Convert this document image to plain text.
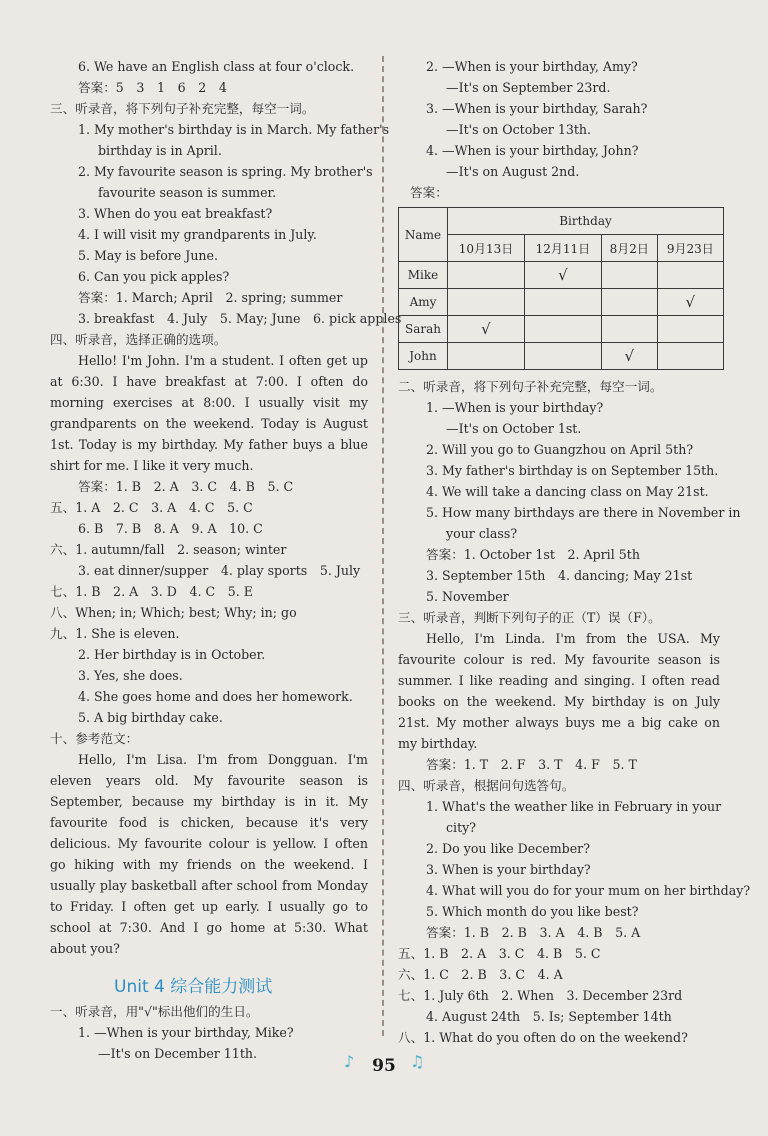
6. We have an English class at four o'clock.
答案：5　3　1　6　2　4
三、听录音，将下列句子补充完整，每空一词。
1. My mother's birthday is in March. My father's
birthday is in April.
2. My favourite season is spring. My brother's
favourite season is summer.
3. When do you eat breakfast?
4. I will visit my grandparents in July.
5. May is before June.
6. Can you pick apples?
答案：1. March; April　2. spring; summer
3. breakfast　4. July　5. May; June　6. pick apples
四、听录音，选择正确的选项。
Hello! I'm John. I'm a student. I often get up at 6:30. I have breakfast at 7:00. I often do morning exercises at 8:00. I usually visit my grandparents on the weekend. Today is August 1st. Today is my birthday. My father buys a blue shirt for me. I like it very much.
答案：1. B　2. A　3. C　4. B　5. C
五、1. A　2. C　3. A　4. C　5. C
6. B　7. B　8. A　9. A　10. C
六、1. autumn/fall　2. season; winter
3. eat dinner/supper　4. play sports　5. July
七、1. B　2. A　3. D　4. C　5. E
八、When; in; Which; best; Why; in; go
九、1. She is eleven.
2. Her birthday is in October.
3. Yes, she does.
4. She goes home and does her homework.
5. A big birthday cake.
十、参考范文：
Hello, I'm Lisa. I'm from Dongguan. I'm eleven years old. My favourite season is September, because my birthday is in it. My favourite food is chicken, because it's very delicious. My favourite colour is yellow. I often go hiking with my friends on the weekend. I usually play basketball after school from Monday to Friday. I often get up early. I usually go to school at 7:30. And I go home at 5:30. What about you?
Unit 4 综合能力测试
一、听录音，用"√"标出他们的生日。
1. —When is your birthday, Mike?
—It's on December 11th.
2. —When is your birthday, Amy?
—It's on September 23rd.
3. —When is your birthday, Sarah?
—It's on October 13th.
4. —When is your birthday, John?
—It's on August 2nd.
答案：
Name	Birthday			
	10月13日	12月11日	8月2日	9月23日
Mike		√		
Amy				√
Sarah	√			
John			√	
二、听录音，将下列句子补充完整，每空一词。
1. —When is your birthday?
—It's on October 1st.
2. Will you go to Guangzhou on April 5th?
3. My father's birthday is on September 15th.
4. We will take a dancing class on May 21st.
5. How many birthdays are there in November in
your class?
答案：1. October 1st　2. April 5th
3. September 15th　4. dancing; May 21st
5. November
三、听录音，判断下列句子的正（T）误（F）。
Hello, I'm Linda. I'm from the USA. My favourite colour is red. My favourite season is summer. I like reading and singing. I often read books on the weekend. My birthday is on July 21st. My mother always buys me a big cake on my birthday.
答案：1. T　2. F　3. T　4. F　5. T
四、听录音，根据问句选答句。
1. What's the weather like in February in your
city?
2. Do you like December?
3. When is your birthday?
4. What will you do for your mum on her birthday?
5. Which month do you like best?
答案：1. B　2. B　3. A　4. B　5. A
五、1. B　2. A　3. C　4. B　5. C
六、1. C　2. B　3. C　4. A
七、1. July 6th　2. When　3. December 23rd
4. August 24th　5. Is; September 14th
八、1. What do you often do on the weekend?
♪	95 ♫
